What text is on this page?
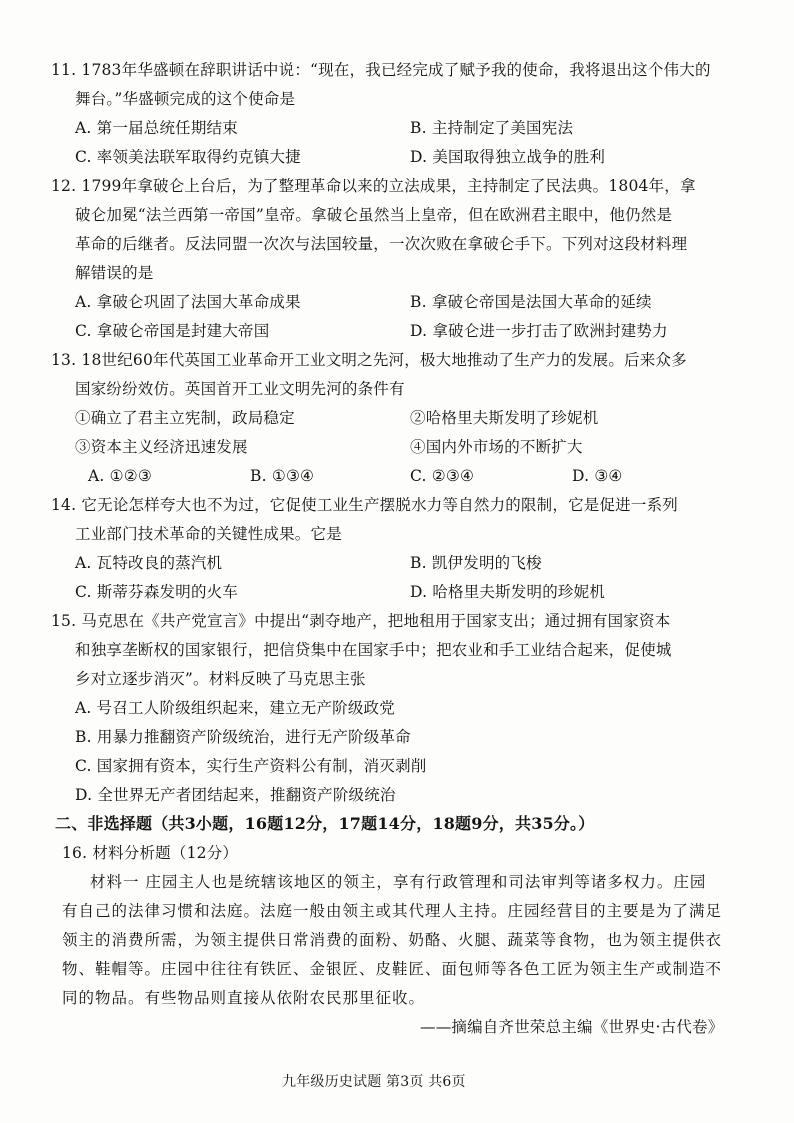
11. 1783年华盛顿在辞职讲话中说：“现在，我已经完成了赋予我的使命，我将退出这个伟大的
舞台。”华盛顿完成的这个使命是
A. 第一届总统任期结束	B. 主持制定了美国宪法
C. 率领美法联军取得约克镇大捷	D. 美国取得独立战争的胜利
12. 1799年拿破仑上台后，为了整理革命以来的立法成果，主持制定了民法典。1804年，拿
破仑加冕“法兰西第一帝国”皇帝。拿破仑虽然当上皇帝，但在欧洲君主眼中，他仍然是
革命的后继者。反法同盟一次次与法国较量，一次次败在拿破仑手下。下列对这段材料理
解错误的是
A. 拿破仑巩固了法国大革命成果	B. 拿破仑帝国是法国大革命的延续
C. 拿破仑帝国是封建大帝国	D. 拿破仑进一步打击了欧洲封建势力
13. 18世纪60年代英国工业革命开工业文明之先河，极大地推动了生产力的发展。后来众多
国家纷纷效仿。英国首开工业文明先河的条件有
①确立了君主立宪制，政局稳定	②哈格里夫斯发明了珍妮机
③资本主义经济迅速发展	④国内外市场的不断扩大
A. ①②③	B. ①③④	C. ②③④	D. ③④
14. 它无论怎样夸大也不为过，它促使工业生产摆脱水力等自然力的限制，它是促进一系列
工业部门技术革命的关键性成果。它是
A. 瓦特改良的蒸汽机	B. 凯伊发明的飞梭
C. 斯蒂芬森发明的火车	D. 哈格里夫斯发明的珍妮机
15. 马克思在《共产党宣言》中提出“剥夺地产，把地租用于国家支出；通过拥有国家资本
和独享垄断权的国家银行，把信贷集中在国家手中；把农业和手工业结合起来，促使城
乡对立逐步消灭”。材料反映了马克思主张
A. 号召工人阶级组织起来，建立无产阶级政党
B. 用暴力推翻资产阶级统治，进行无产阶级革命
C. 国家拥有资本，实行生产资料公有制，消灭剥削
D. 全世界无产者团结起来，推翻资产阶级统治
二、非选择题（共3小题，16题12分，17题14分，18题9分，共35分。）
16. 材料分析题（12分）
材料一 庄园主人也是统辖该地区的领主，享有行政管理和司法审判等诸多权力。庄园
有自己的法律习惯和法庭。法庭一般由领主或其代理人主持。庄园经营目的主要是为了满足
领主的消费所需，为领主提供日常消费的面粉、奶酪、火腿、蔬菜等食物，也为领主提供衣
物、鞋帽等。庄园中往往有铁匠、金银匠、皮鞋匠、面包师等各色工匠为领主生产或制造不
同的物品。有些物品则直接从依附农民那里征收。
——摘编自齐世荣总主编《世界史·古代卷》
九年级历史试题 第3页 共6页
